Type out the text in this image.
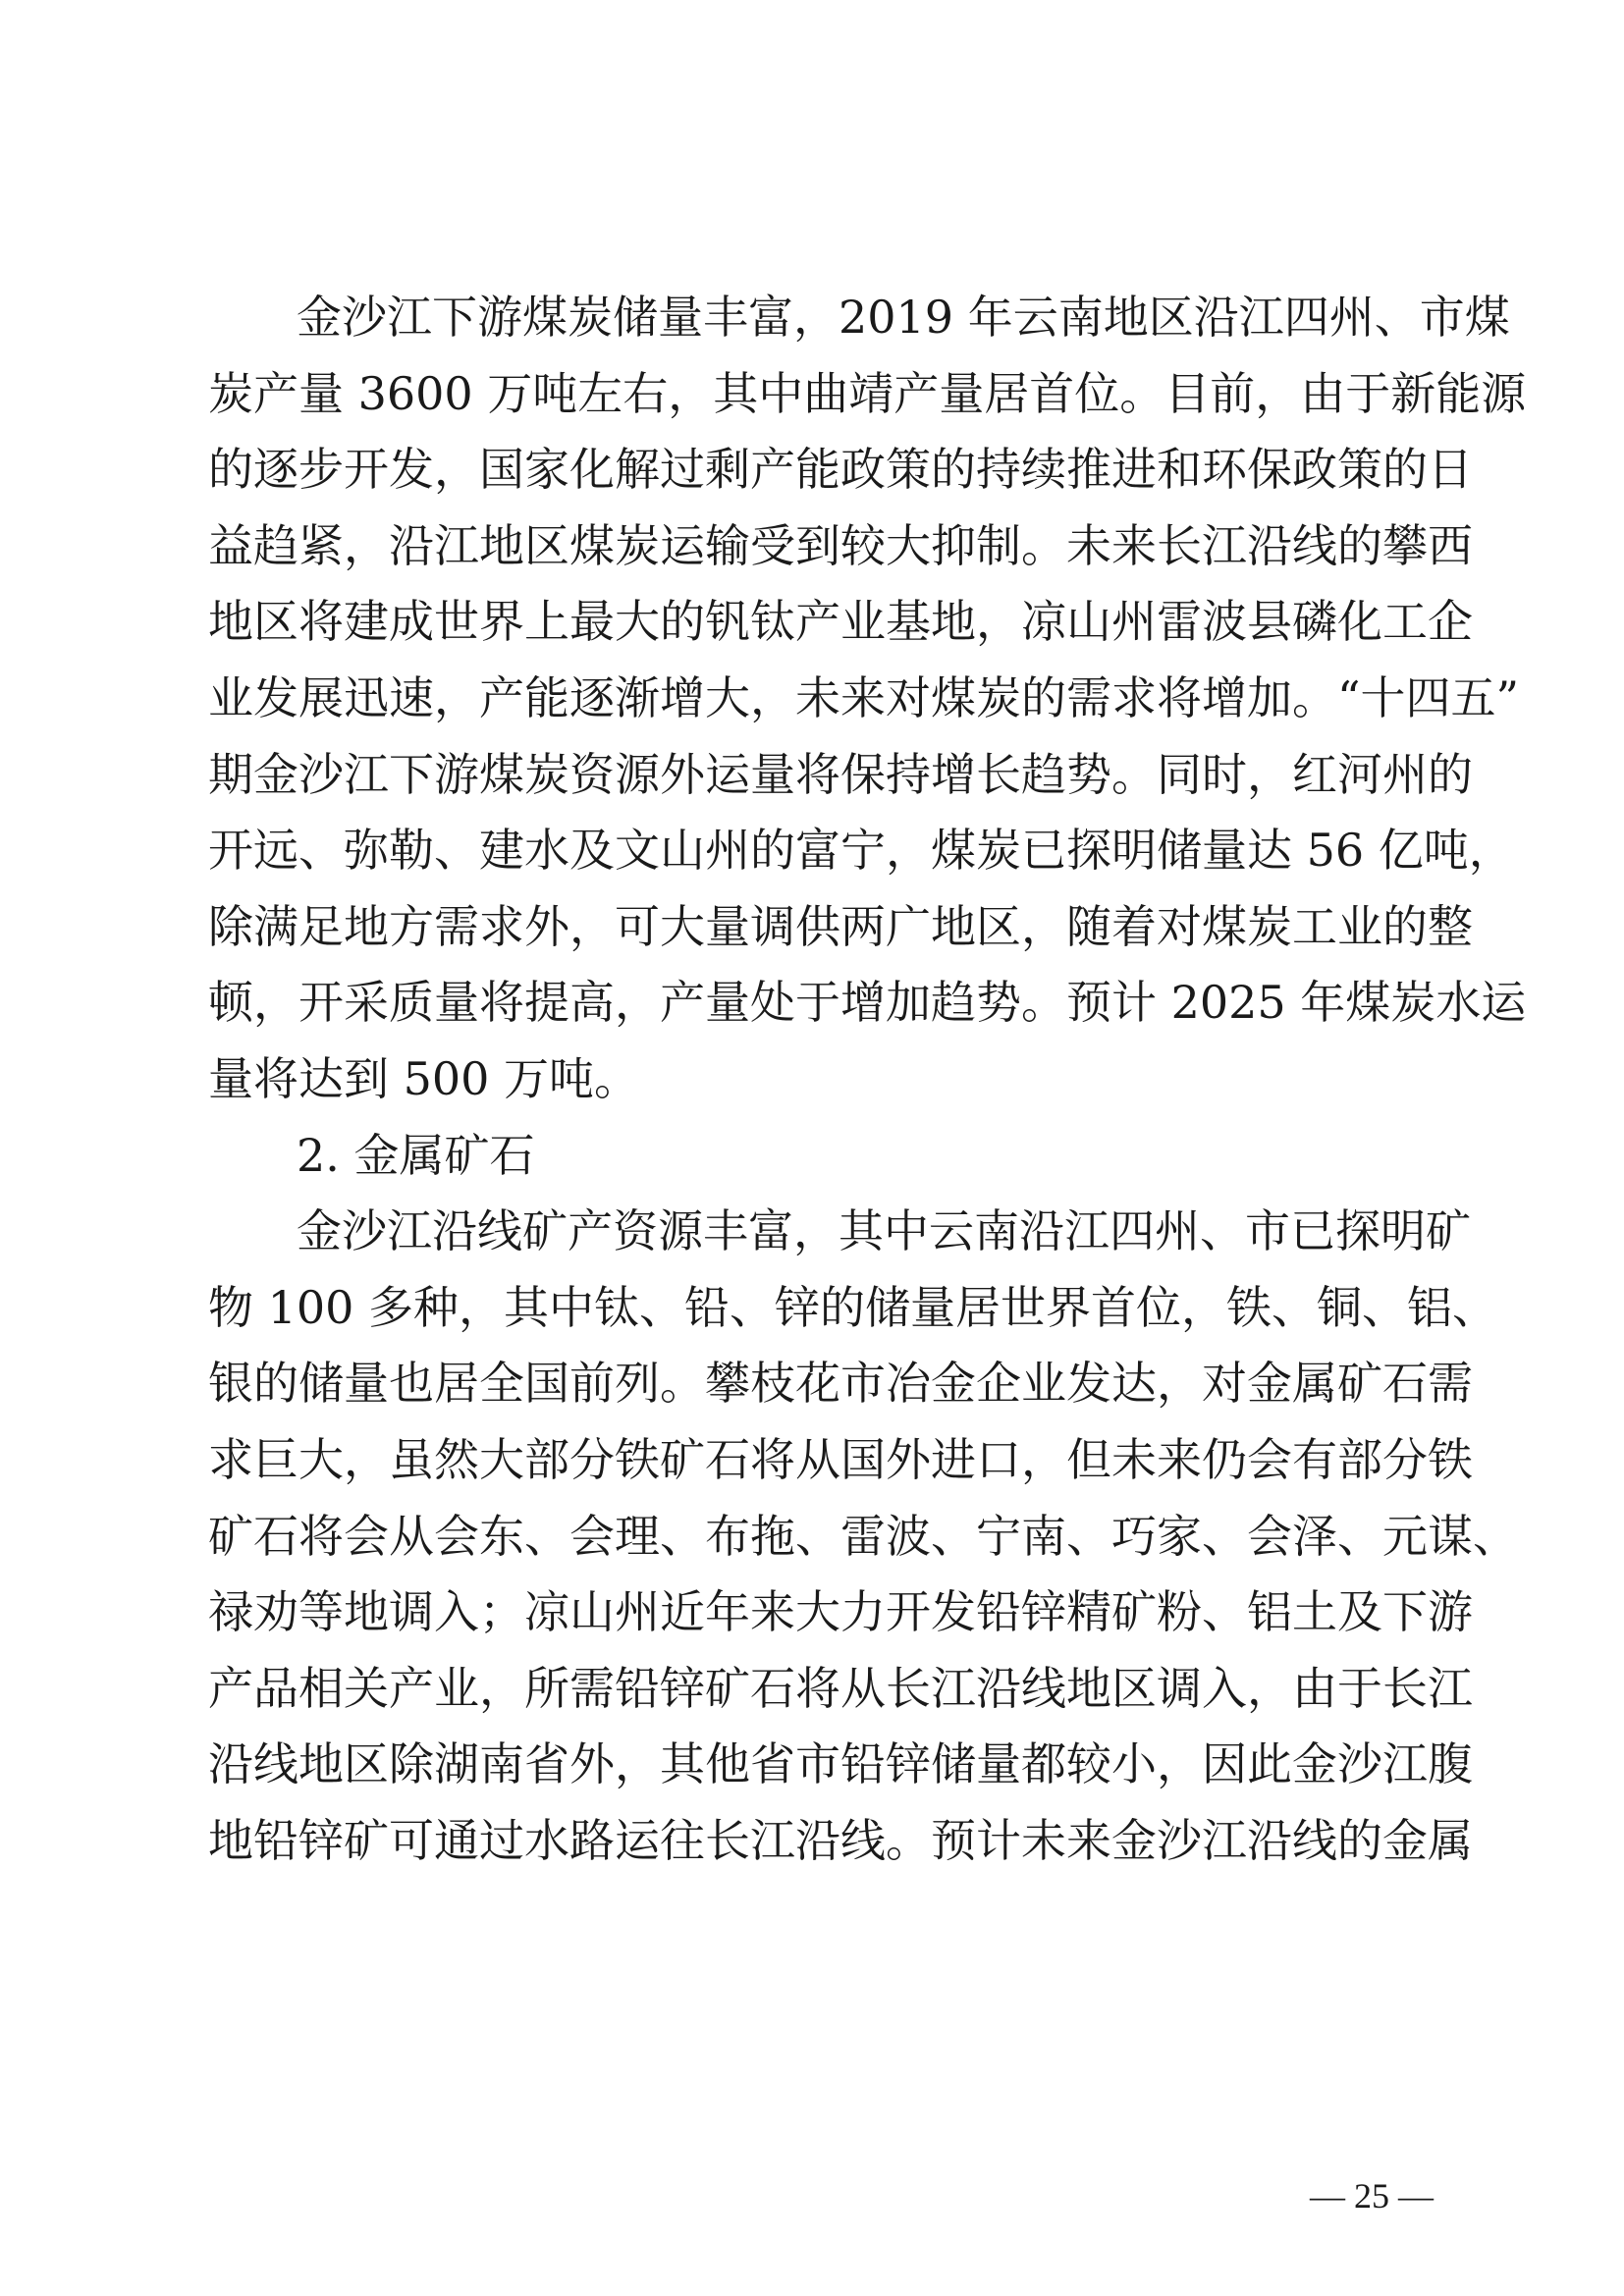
金沙江下游煤炭储量丰富，2019 年云南地区沿江四州、市煤
炭产量 3600 万吨左右，其中曲靖产量居首位。目前，由于新能源
的逐步开发，国家化解过剩产能政策的持续推进和环保政策的日
益趋紧，沿江地区煤炭运输受到较大抑制。未来长江沿线的攀西
地区将建成世界上最大的钒钛产业基地，凉山州雷波县磷化工企
业发展迅速，产能逐渐增大，未来对煤炭的需求将增加。“十四五”
期金沙江下游煤炭资源外运量将保持增长趋势。同时，红河州的
开远、弥勒、建水及文山州的富宁，煤炭已探明储量达 56 亿吨，
除满足地方需求外，可大量调供两广地区，随着对煤炭工业的整
顿，开采质量将提高，产量处于增加趋势。预计 2025 年煤炭水运
量将达到 500 万吨。
2. 金属矿石
金沙江沿线矿产资源丰富，其中云南沿江四州、市已探明矿
物 100 多种，其中钛、铅、锌的储量居世界首位，铁、铜、铝、
银的储量也居全国前列。攀枝花市冶金企业发达，对金属矿石需
求巨大，虽然大部分铁矿石将从国外进口，但未来仍会有部分铁
矿石将会从会东、会理、布拖、雷波、宁南、巧家、会泽、元谋、
禄劝等地调入；凉山州近年来大力开发铅锌精矿粉、铝土及下游
产品相关产业，所需铅锌矿石将从长江沿线地区调入，由于长江
沿线地区除湖南省外，其他省市铅锌储量都较小，因此金沙江腹
地铅锌矿可通过水路运往长江沿线。预计未来金沙江沿线的金属
— 25 —
